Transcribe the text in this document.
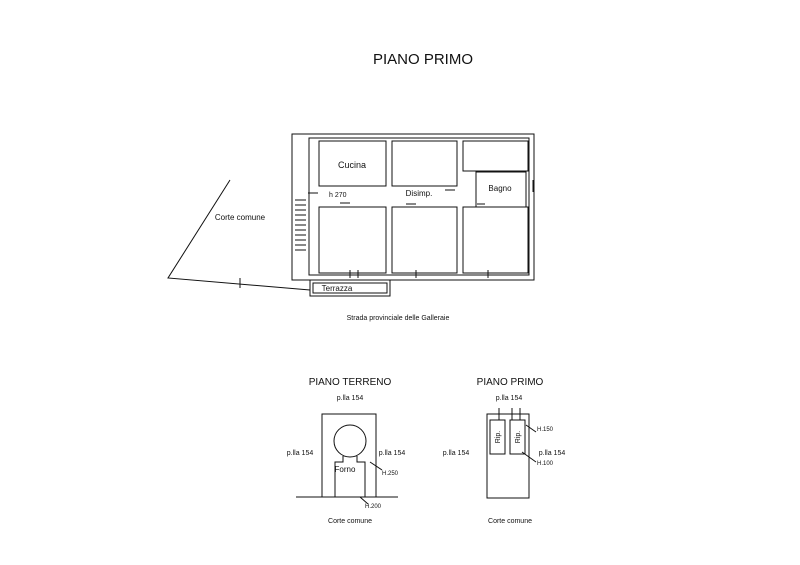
PIANO PRIMO
Cucina
h 270	Disimp.
Bagno
Terrazza
Corte comune
Strada provinciale delle Galleraie
PIANO TERRENO
p.lla 154
p.lla 154	p.lla 154
Forno	H.250
H.200
Corte comune
PIANO PRIMO
p.lla 154
p.lla 154	p.lla 154
Rip. Rip.
H.150
H.100
Corte comune
